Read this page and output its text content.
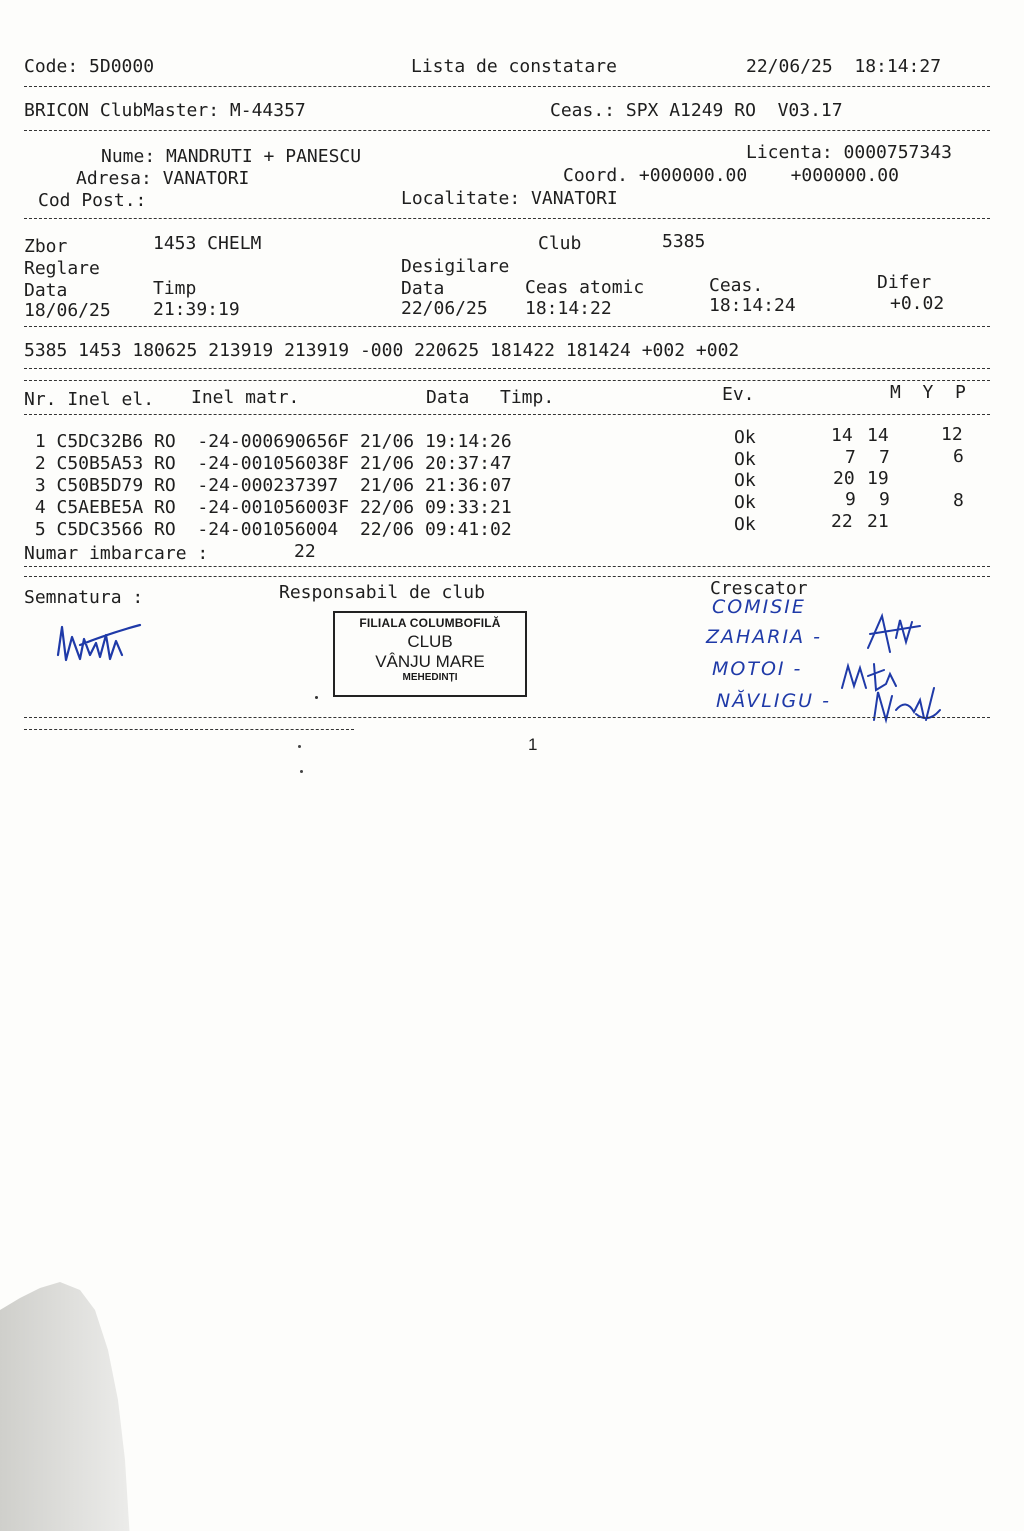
Code: 5D0000	Lista de constatare	22/06/25  18:14:27
BRICON ClubMaster: M-44357	Ceas.: SPX A1249 RO  V03.17
Nume: MANDRUTI + PANESCU	Licenta: 0000757343
Adresa: VANATORI	Coord. +000000.00    +000000.00
Cod Post.:	Localitate: VANATORI
Zbor	1453 CHELM	Club	5385
Reglare	Desigilare
Data	Timp	Data	Ceas atomic	Ceas.	Difer
18/06/25 21:39:19	22/06/25 18:14:22	18:14:24	+0.02
5385 1453 180625 213919 213919 -000 220625 181422 181424 +002 +002
Nr. Inel el. Inel matr.	Data Timp.	Ev.	M  Y  P
1 C5DC32B6 RO  -24-000690656F 21/06 19:14:26	Ok	14 14	12
2 C50B5A53 RO  -24-001056038F 21/06 20:37:47	Ok	7 7	6
3 C50B5D79 RO  -24-000237397  21/06 21:36:07	Ok	20 19
4 C5AEBE5A RO  -24-001056003F 22/06 09:33:21	Ok	9 9	8
5 C5DC3566 RO  -24-001056004  22/06 09:41:02	Ok	22 21
Numar imbarcare :	22
Semnatura :	Responsabil de club	Crescator
FILIALA COLUMBOFILĂ
CLUB
VÂNJU MARE
MEHEDINȚI
COMISIE
ZAHARIA -
MOTOI -
NĂVLIGU -
1
